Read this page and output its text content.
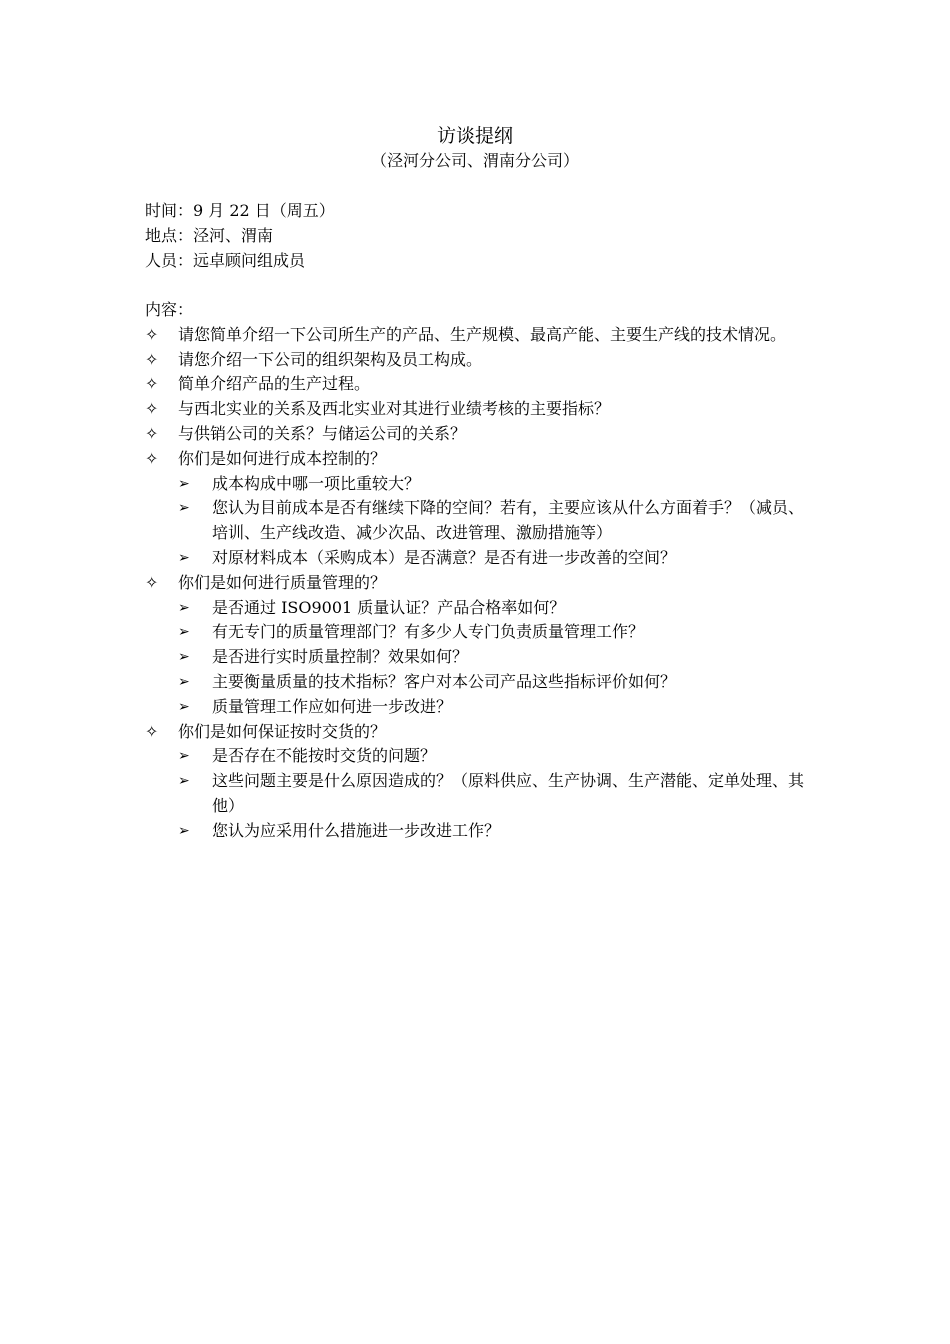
访谈提纲
（泾河分公司、渭南分公司）
时间：9 月 22 日（周五）
地点：泾河、渭南
人员：远卓顾问组成员
内容：
✧	请您简单介绍一下公司所生产的产品、生产规模、最高产能、主要生产线的技术情况。
✧	请您介绍一下公司的组织架构及员工构成。
✧	简单介绍产品的生产过程。
✧	与西北实业的关系及西北实业对其进行业绩考核的主要指标？
✧	与供销公司的关系？与储运公司的关系？
✧	你们是如何进行成本控制的？
➢	成本构成中哪一项比重较大？
➢	您认为目前成本是否有继续下降的空间？若有，主要应该从什么方面着手？（减员、培训、生产线改造、减少次品、改进管理、激励措施等）
➢	对原材料成本（采购成本）是否满意？是否有进一步改善的空间？
✧	你们是如何进行质量管理的？
➢	是否通过 ISO9001 质量认证？产品合格率如何？
➢	有无专门的质量管理部门？有多少人专门负责质量管理工作？
➢	是否进行实时质量控制？效果如何？
➢	主要衡量质量的技术指标？客户对本公司产品这些指标评价如何？
➢	质量管理工作应如何进一步改进？
✧	你们是如何保证按时交货的？
➢	是否存在不能按时交货的问题？
➢	这些问题主要是什么原因造成的？（原料供应、生产协调、生产潜能、定单处理、其他）
➢	您认为应采用什么措施进一步改进工作？
